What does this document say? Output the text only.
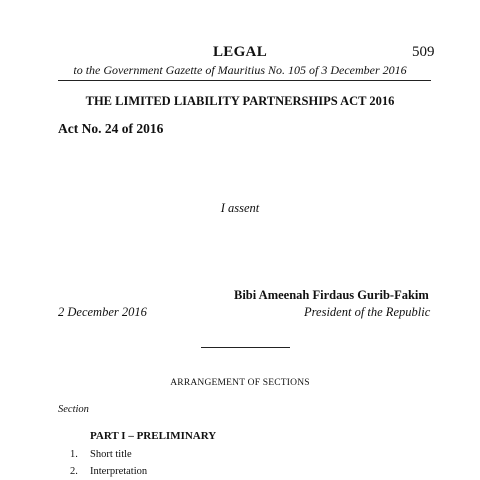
LEGAL	509
to the Government Gazette of Mauritius No. 105 of 3 December 2016
THE LIMITED LIABILITY PARTNERSHIPS ACT 2016
Act No. 24 of 2016
I assent
Bibi Ameenah Firdaus Gurib-Fakim
2 December 2016	President of the Republic
ARRANGEMENT OF SECTIONS
Section
PART I – PRELIMINARY
1. Short title
2. Interpretation
